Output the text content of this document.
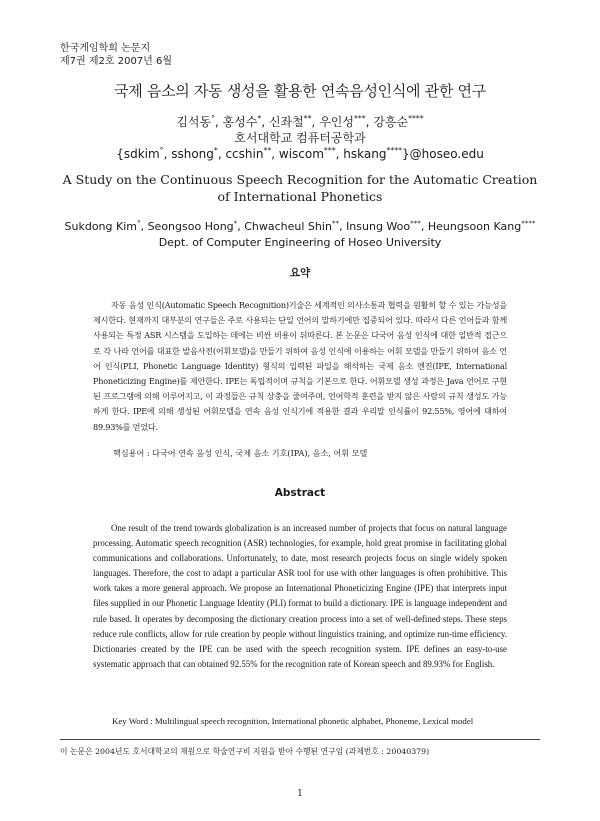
한국게임학회 논문지
제7권 제2호 2007년 6월
국제 음소의 자동 생성을 활용한 연속음성인식에 관한 연구
김석동°, 홍성수*, 신좌철**, 우인성***, 강흥순****
호서대학교 컴퓨터공학과
{sdkim°, sshong*, ccshin**, wiscom***, hskang****}@hoseo.edu
A Study on the Continuous Speech Recognition for the Automatic Creation of International Phonetics
Sukdong Kim°, Seongsoo Hong*, Chwacheul Shin**, Insung Woo***, Heungsoon Kang****
Dept. of Computer Engineering of Hoseo University
요약
자동 음성 인식(Automatic Speech Recognition)기술은 세계적인 의사소통과 협력을 원활히 할 수 있는 가능성을 제시한다. 현재까지 대부분의 연구들은 주로 사용되는 단일 언어의 말하기에만 집중되어 있다. 따라서 다른 언어들과 함께 사용되는 특정 ASR 시스템을 도입하는 데에는 비싼 비용이 뒤따른다. 본 논문은 다국어 음성 인식에 대한 일반적 접근으로 각 나라 언어를 대표한 발음사전(어휘모델)을 만들기 위하여 음성 인식에 이용하는 어휘 모델을 만들기 위하여 음소 언어 인식(PLI, Phonetic Language Identity) 형식의 입력된 파일을 해석하는 국제 음소 엔진(IPE, International Phoneticizing Engine)를 제안한다. IPE는 독립적이며 규칙을 기본으로 한다. 어휘모델 생성 과정은 Java 언어로 구현된 프로그램에 의해 이루어지고, 이 과정들은 규칙 상충을 줄여주며, 언어학적 훈련을 받지 않은 사람의 규칙 생성도 가능하게 한다. IPE에 의해 생성된 어휘모델을 연속 음성 인식기에 적용한 결과 우리말 인식률이 92.55%, 영어에 대하여 89.93%를 얻었다.
핵심용어 : 다국어 연속 음성 인식, 국제 음소 기호(IPA), 음소, 어휘 모델
Abstract
One result of the trend towards globalization is an increased number of projects that focus on natural language processing. Automatic speech recognition (ASR) technologies, for example, hold great promise in facilitating global communications and collaborations. Unfortunately, to date, most research projects focus on single widely spoken languages. Therefore, the cost to adapt a particular ASR tool for use with other languages is often prohibitive. This work takes a more general approach. We propose an International Phoneticizing Engine (IPE) that interprets input files supplied in our Phonetic Language Identity (PLI) format to build a dictionary. IPE is language independent and rule based. It operates by decomposing the dictionary creation process into a set of well-defined steps. These steps reduce rule conflicts, allow for rule creation by people without linguistics training, and optimize run-time efficiency. Dictionaries created by the IPE can be used with the speech recognition system. IPE defines an easy-to-use systematic approach that can obtained 92.55% for the recognition rate of Korean speech and 89.93% for English.
Key Word : Multilingual speech recognition, International phonetic alphabet, Phoneme, Lexical model
이 논문은 2004년도 호서대학교의 재원으로 학술연구비 지원을 받아 수행된 연구임 (과제번호 : 20040379)
1
